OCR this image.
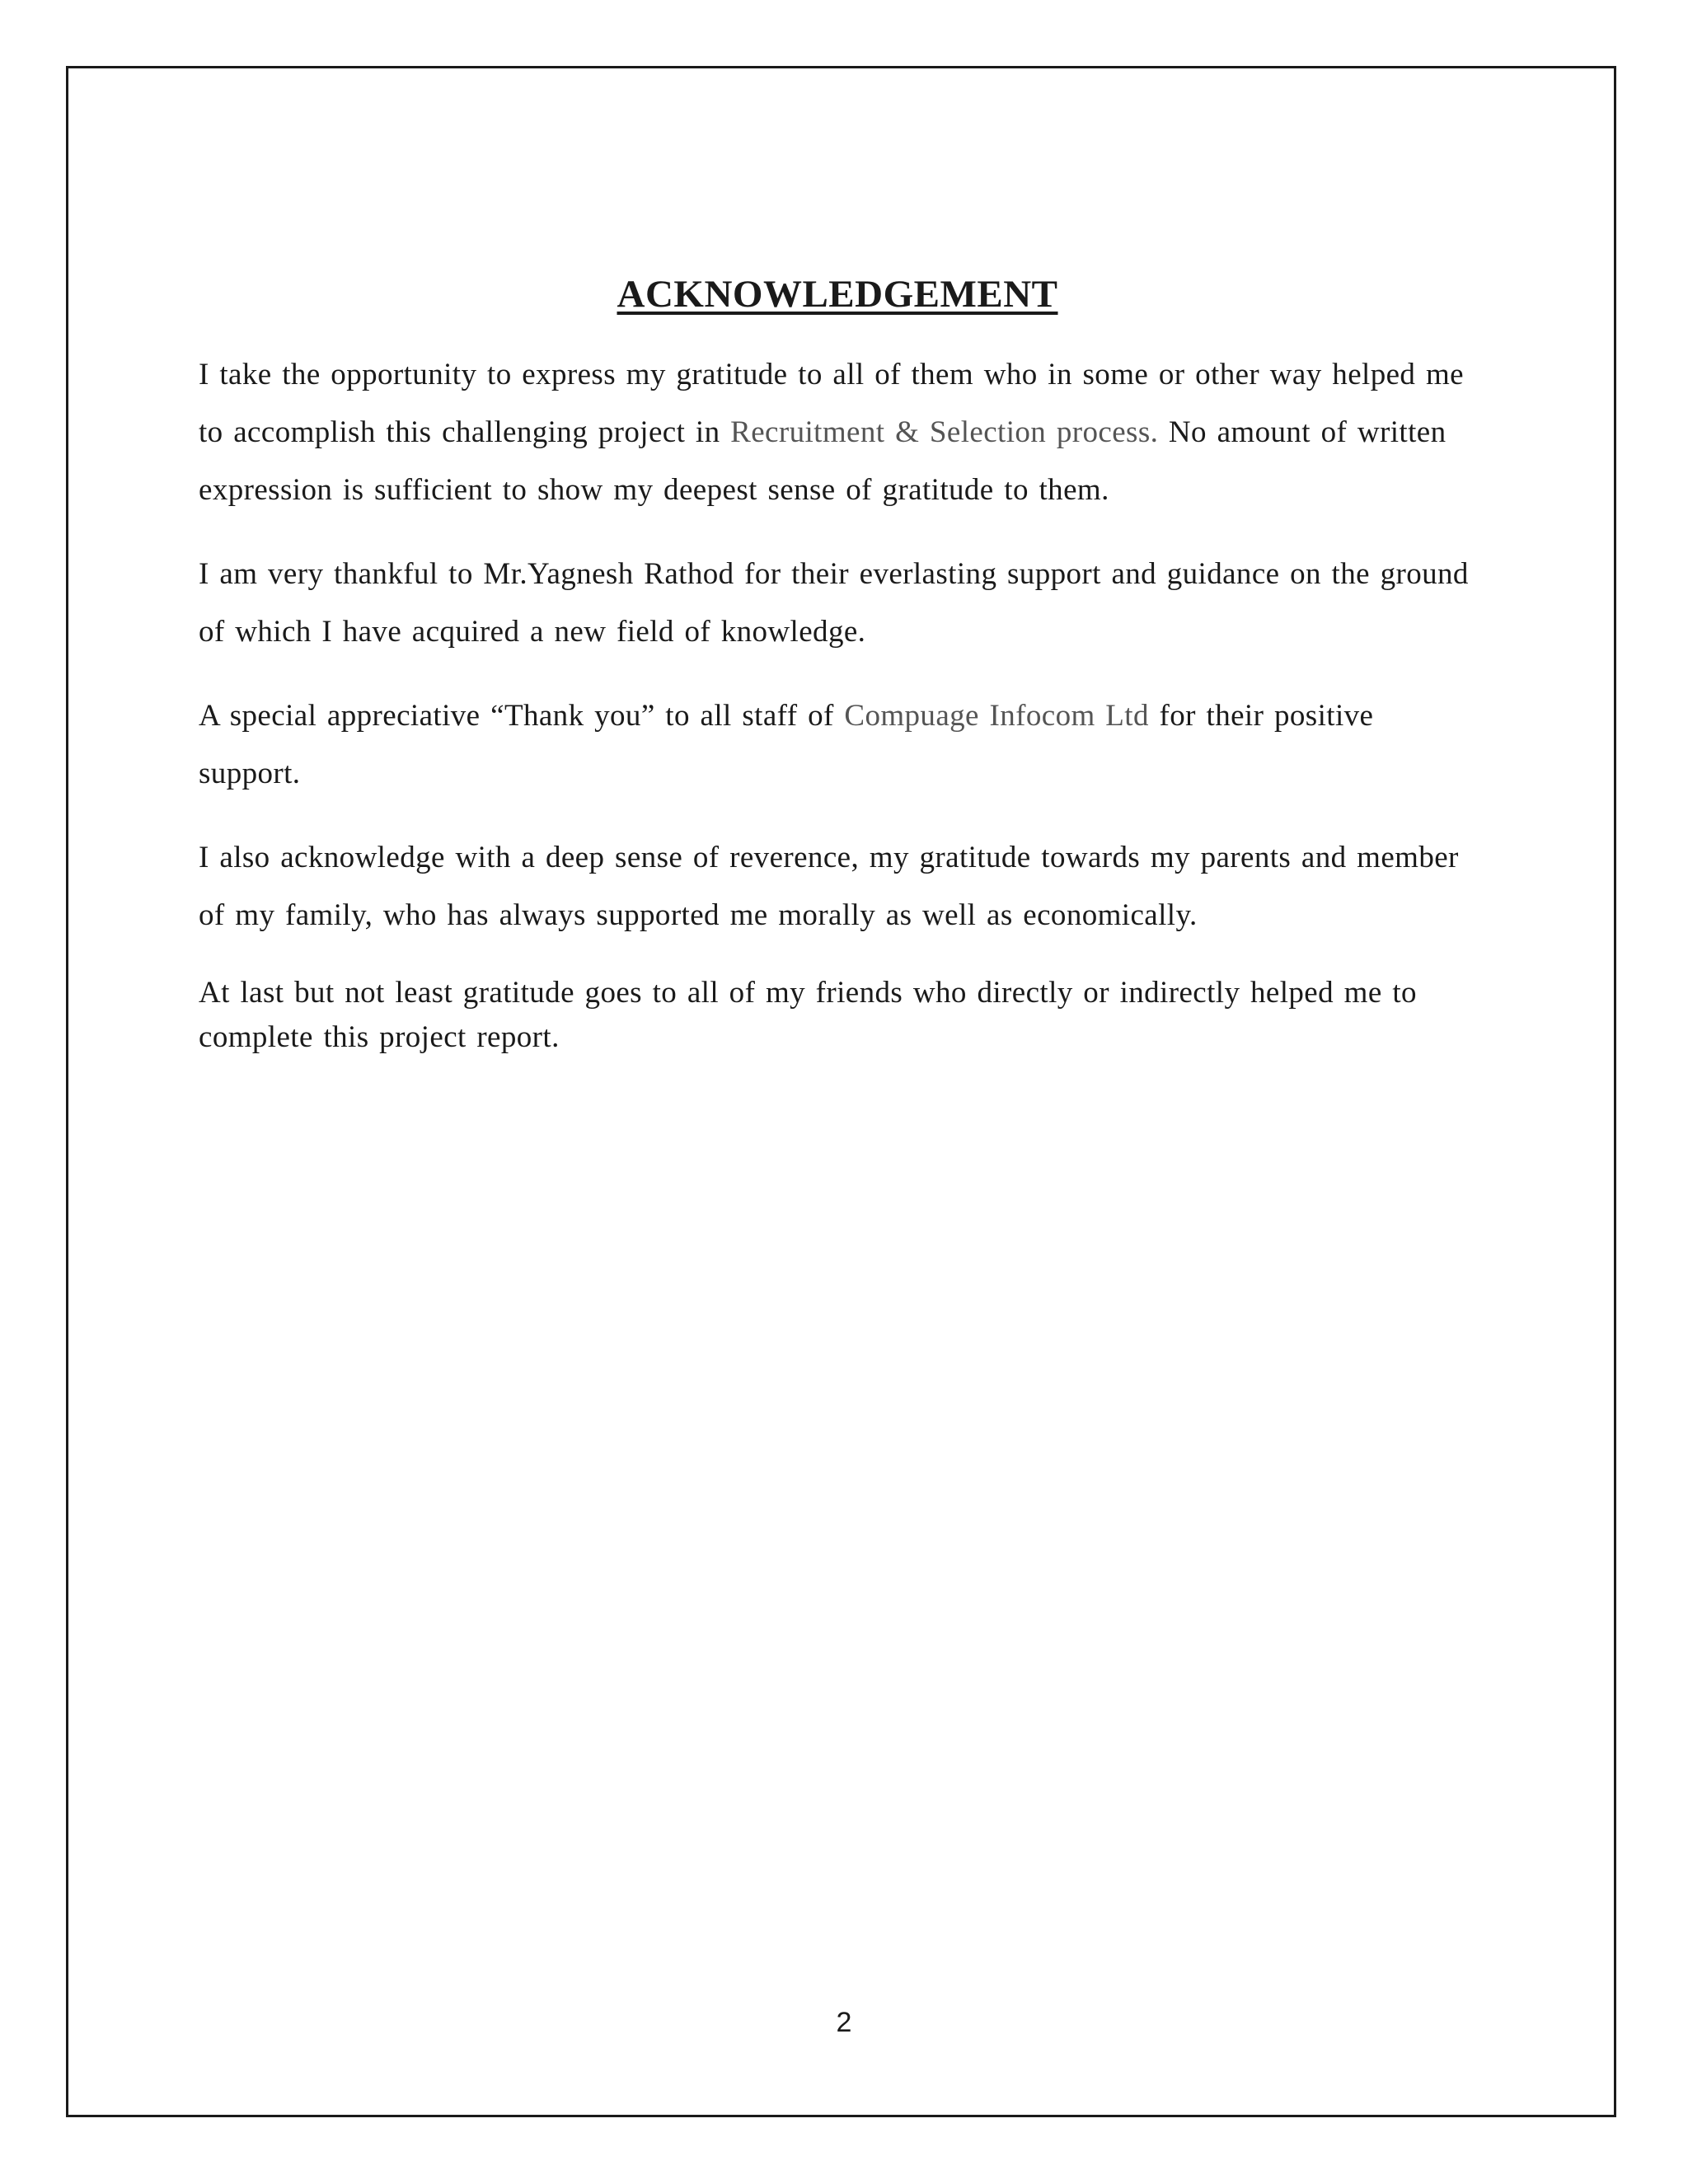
ACKNOWLEDGEMENT

I take the opportunity to express my gratitude to all of them who in some or other way helped me to accomplish this challenging project in Recruitment & Selection process. No amount of written expression is sufficient to show my deepest sense of gratitude to them.

I am very thankful to Mr.Yagnesh Rathod for their everlasting support and guidance on the ground of which I have acquired a new field of knowledge.

A special appreciative “Thank you” to all staff of Compuage Infocom Ltd for their positive support.

I also acknowledge with a deep sense of reverence, my gratitude towards my parents and member of my family, who has always supported me morally as well as economically.

At last but not least gratitude goes to all of my friends who directly or indirectly helped me to complete this project report.

2
